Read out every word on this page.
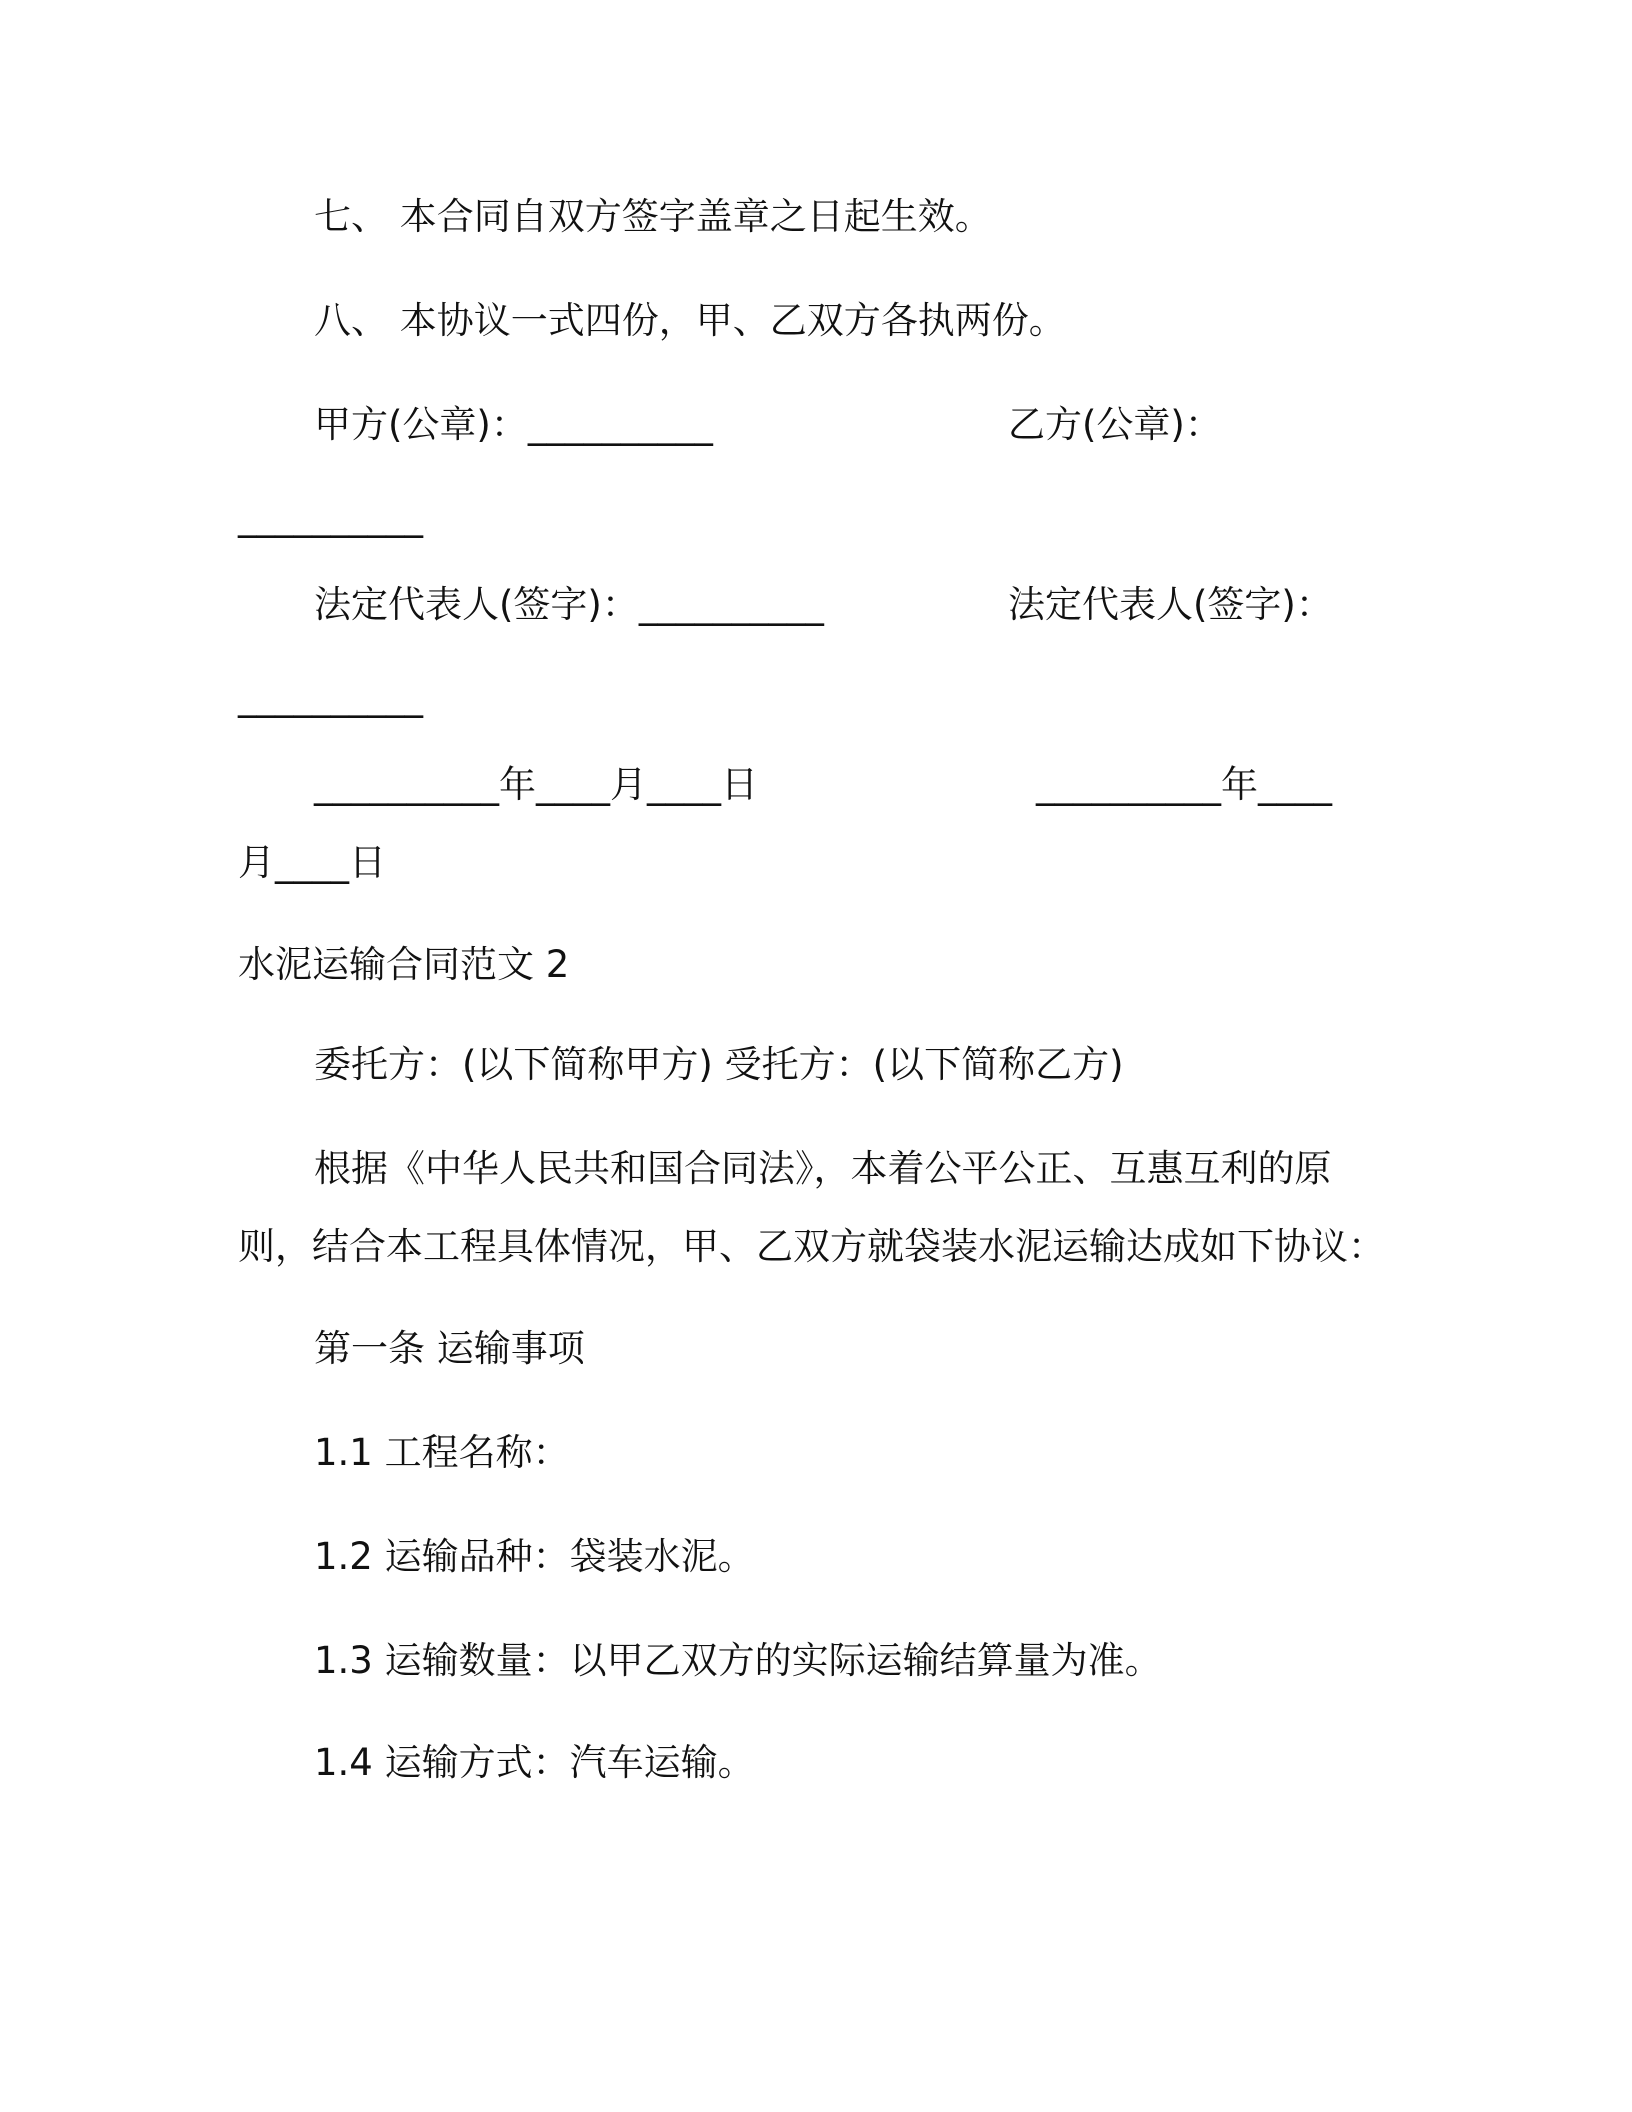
七、 本合同自双方签字盖章之日起生效。
八、 本协议一式四份，甲、乙双方各执两份。
甲方(公章)：__________	乙方(公章)：
__________
法定代表人(签字)：__________	法定代表人(签字)：
__________
__________年____月____日	__________年____
月____日
水泥运输合同范文 2
委托方：(以下简称甲方) 受托方：(以下简称乙方)
根据《中华人民共和国合同法》，本着公平公正、互惠互利的原
则，结合本工程具体情况，甲、乙双方就袋装水泥运输达成如下协议：
第一条 运输事项
1.1 工程名称：
1.2 运输品种：袋装水泥。
1.3 运输数量：以甲乙双方的实际运输结算量为准。
1.4 运输方式：汽车运输。
